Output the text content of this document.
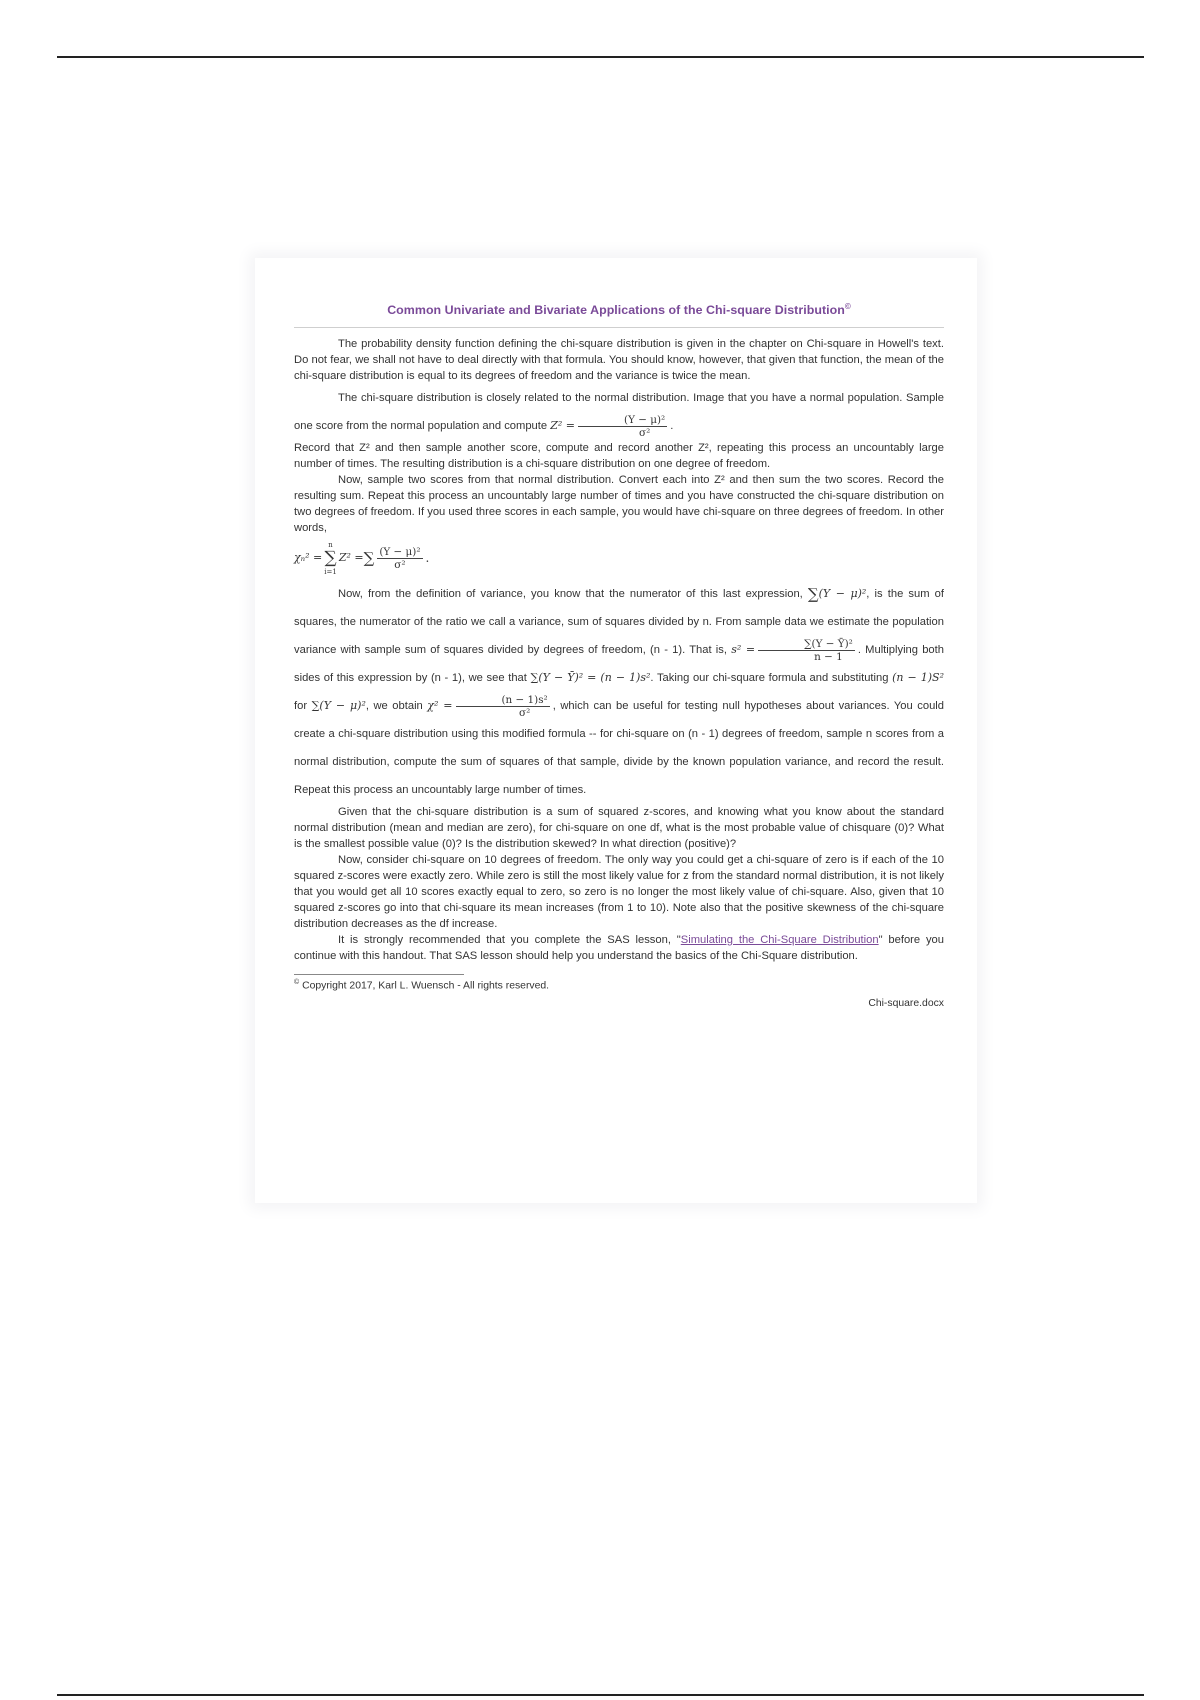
Common Univariate and Bivariate Applications of the Chi-square Distribution©

The probability density function defining the chi-square distribution is given in the chapter on Chi-square in Howell's text. Do not fear, we shall not have to deal directly with that formula. You should know, however, that given that function, the mean of the chi-square distribution is equal to its degrees of freedom and the variance is twice the mean.

The chi-square distribution is closely related to the normal distribution. Image that you have a normal population. Sample one score from the normal population and compute $Z^2 = \frac{\text{(Y − μ)²}}{\text{σ²}}$ .

Record that Z² and then sample another score, compute and record another Z², repeating this process an uncountably large number of times. The resulting distribution is a chi-square distribution on one degree of freedom.

Now, sample two scores from that normal distribution. Convert each into Z² and then sum the two scores. Record the resulting sum. Repeat this process an uncountably large number of times and you have constructed the chi-square distribution on two degrees of freedom. If you used three scores in each sample, you would have chi-square on three degrees of freedom. In other words,

χₙ² =
n
∑
i=1
Z² = ∑ $\frac{\text{(Y − μ)²}}{\text{σ²}}$ .

Now, from the definition of variance, you know that the numerator of this last expression, ∑(Y − μ)², is the sum of squares, the numerator of the ratio we call a variance, sum of squares divided by n. From sample data we estimate the population variance with sample sum of squares divided by degrees of freedom, (n - 1). That is, $s^2 = \frac{\text{∑(Y − Ȳ)²}}{n - 1}$ . Multiplying both sides of this expression by (n - 1), we see that ∑(Y − Ȳ)² = (n − 1)s². Taking our chi-square formula and substituting (n − 1)S² for ∑(Y − μ)², we obtain $\chi^2 = \frac{\text{(n − 1)s²}}{\text{σ²}}$ , which can be useful for testing null hypotheses about variances. You could create a chi-square distribution using this modified formula -- for chi-square on (n - 1) degrees of freedom, sample n scores from a normal distribution, compute the sum of squares of that sample, divide by the known population variance, and record the result. Repeat this process an uncountably large number of times.

Given that the chi-square distribution is a sum of squared z-scores, and knowing what you know about the standard normal distribution (mean and median are zero), for chi-square on one df, what is the most probable value of chisquare (0)? What is the smallest possible value (0)? Is the distribution skewed? In what direction (positive)?

Now, consider chi-square on 10 degrees of freedom. The only way you could get a chi-square of zero is if each of the 10 squared z-scores were exactly zero. While zero is still the most likely value for z from the standard normal distribution, it is not likely that you would get all 10 scores exactly equal to zero, so zero is no longer the most likely value of chi-square. Also, given that 10 squared z-scores go into that chi-square its mean increases (from 1 to 10). Note also that the positive skewness of the chi-square distribution decreases as the df increase.

It is strongly recommended that you complete the SAS lesson, "Simulating the Chi-Square Distribution" before you continue with this handout. That SAS lesson should help you understand the basics of the Chi-Square distribution.

© Copyright 2017, Karl L. Wuensch - All rights reserved.
Chi-square.docx
